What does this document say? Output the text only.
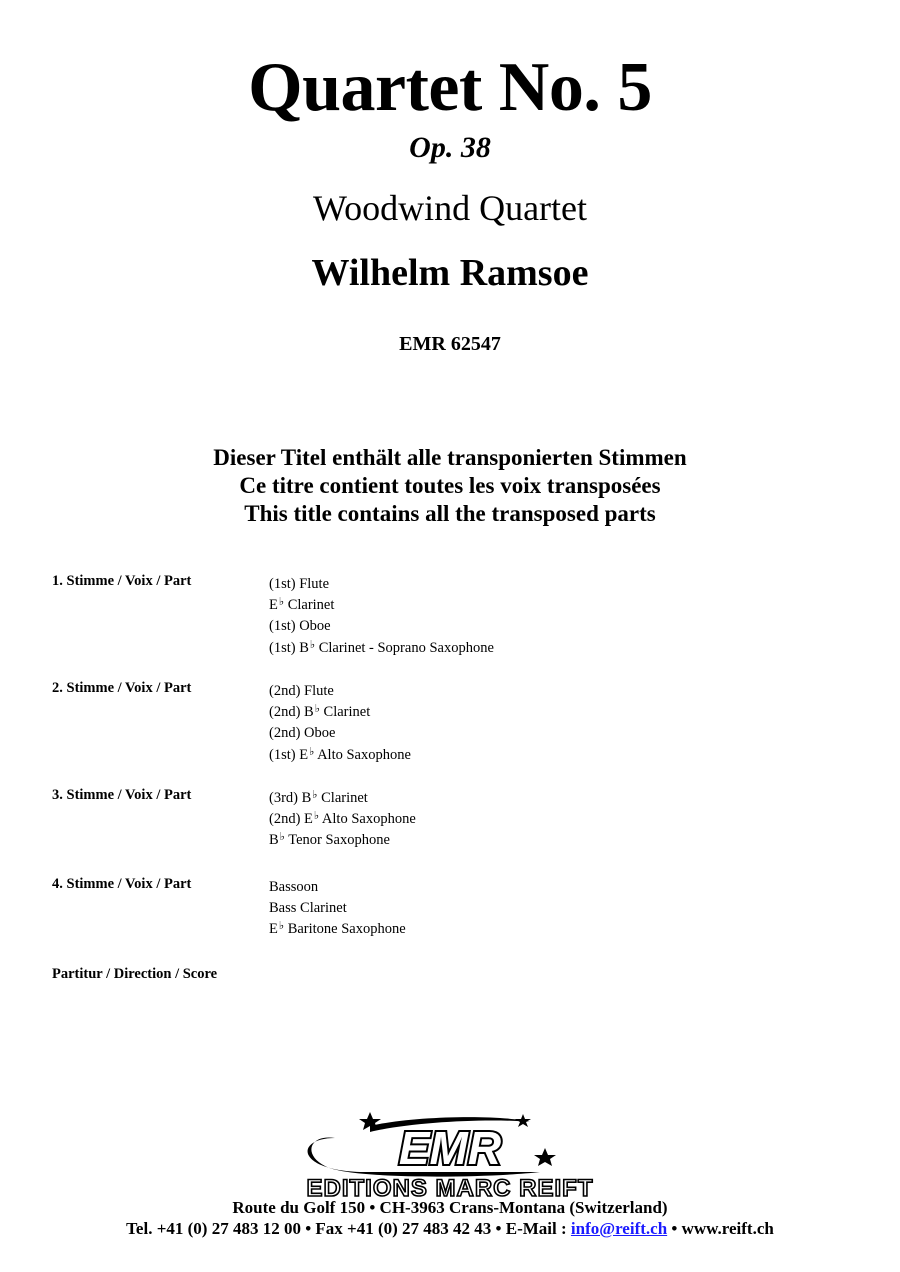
Quartet No. 5
Op. 38
Woodwind Quartet
Wilhelm Ramsoe
EMR 62547
Dieser Titel enthält alle transponierten Stimmen
Ce titre contient toutes les voix transposées
This title contains all the transposed parts
1. Stimme / Voix / Part	(1st) Flute
E♭ Clarinet
(1st) Oboe
(1st) B♭ Clarinet - Soprano Saxophone
2. Stimme / Voix / Part	(2nd) Flute
(2nd) B♭ Clarinet
(2nd) Oboe
(1st) E♭ Alto Saxophone
3. Stimme / Voix / Part	(3rd) B♭ Clarinet
(2nd) E♭ Alto Saxophone
B♭ Tenor Saxophone
4. Stimme / Voix / Part	Bassoon
Bass Clarinet
E♭ Baritone Saxophone
Partitur / Direction / Score
EMR
EDITIONS MARC REIFT
Route du Golf 150 • CH-3963 Crans-Montana (Switzerland)
Tel. +41 (0) 27 483 12 00 • Fax +41 (0) 27 483 42 43 • E-Mail : info@reift.ch • www.reift.ch
